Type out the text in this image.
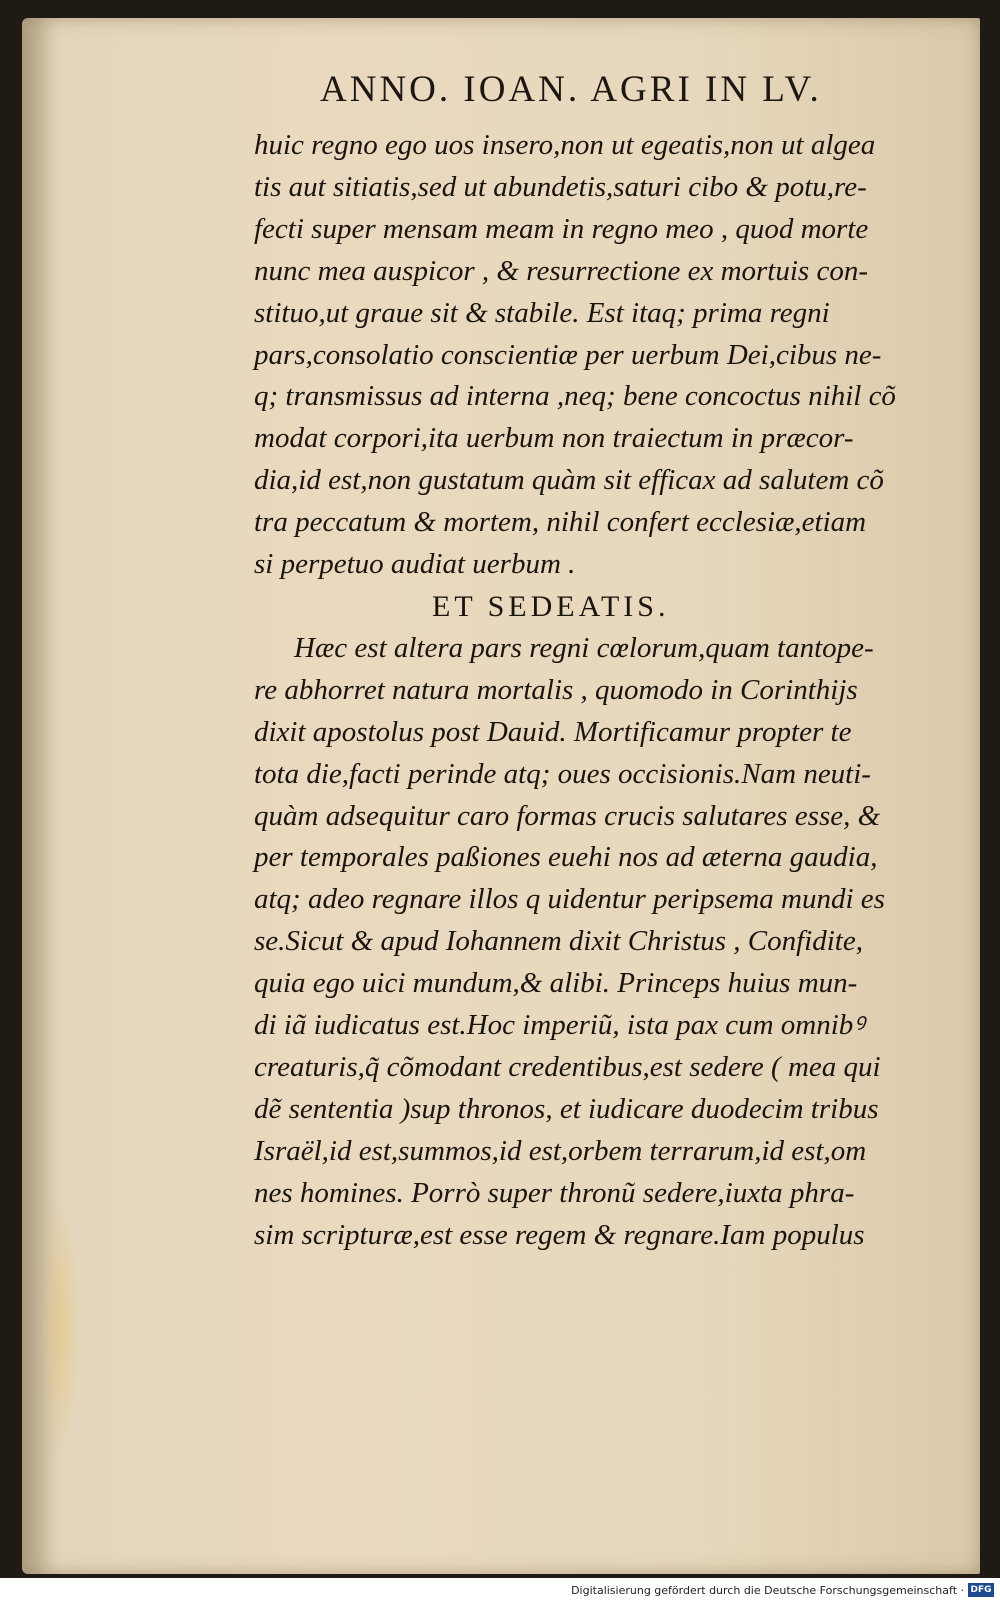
ANNO. IOAN. AGRI IN LV.
huic regno ego uos insero,non ut egeatis,non ut algea
tis aut sitiatis,sed ut abundetis,saturi cibo & potu,re-
fecti super mensam meam in regno meo , quod morte
nunc mea auspicor , & resurrectione ex mortuis con-
stituo,ut graue sit & stabile. Est itaq; prima regni
pars,consolatio conscientiæ per uerbum Dei,cibus ne-
q; transmissus ad interna ,neq; bene concoctus nihil cõ
modat corpori,ita uerbum non traiectum in præcor-
dia,id est,non gustatum quàm sit efficax ad salutem cõ
tra peccatum & mortem, nihil confert ecclesiæ,etiam
si perpetuo audiat uerbum .
ET SEDEATIS.
Hæc est altera pars regni cœlorum,quam tantope-
re abhorret natura mortalis , quomodo in Corinthijs
dixit apostolus post Dauid. Mortificamur propter te
tota die,facti perinde atq; oues occisionis.Nam neuti-
quàm adsequitur caro formas crucis salutares esse, &
per temporales paßiones euehi nos ad æterna gaudia,
atq; adeo regnare illos q uidentur peripsema mundi es
se.Sicut & apud Iohannem dixit Christus , Confidite,
quia ego uici mundum,& alibi. Princeps huius mun-
di iã iudicatus est.Hoc imperiũ, ista pax cum omnibꝰ
creaturis,q̃ cõmodant credentibus,est sedere ( mea qui
dẽ sententia )sup thronos, et iudicare duodecim tribus
Israël,id est,summos,id est,orbem terrarum,id est,om
nes homines. Porrò super thronũ sedere,iuxta phra-
sim scripturæ,est esse regem & regnare.Iam populus
Digitalisierung gefördert durch die Deutsche Forschungsgemeinschaft · DFG
